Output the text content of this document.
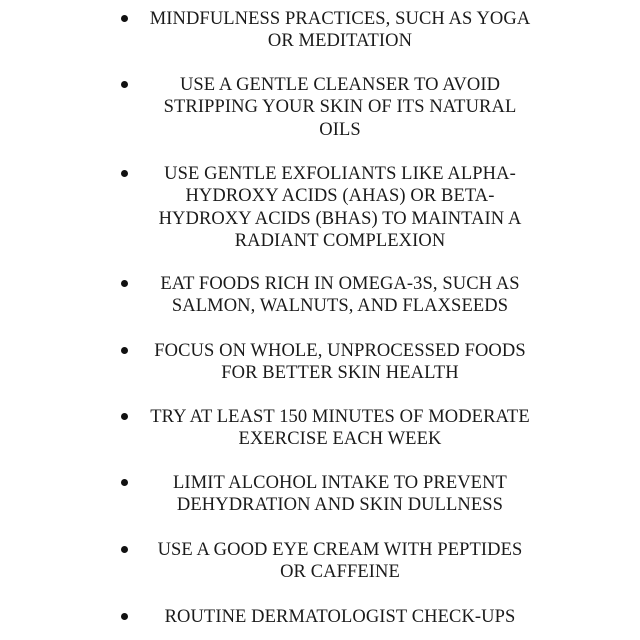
MINDFULNESS PRACTICES, SUCH AS YOGA OR MEDITATION
USE A GENTLE CLEANSER TO AVOID STRIPPING YOUR SKIN OF ITS NATURAL OILS
USE GENTLE EXFOLIANTS LIKE ALPHA-HYDROXY ACIDS (AHAS) OR BETA-HYDROXY ACIDS (BHAS) TO MAINTAIN A RADIANT COMPLEXION
EAT FOODS RICH IN OMEGA-3S, SUCH AS SALMON, WALNUTS, AND FLAXSEEDS
FOCUS ON WHOLE, UNPROCESSED FOODS FOR BETTER SKIN HEALTH
TRY AT LEAST 150 MINUTES OF MODERATE EXERCISE EACH WEEK
LIMIT ALCOHOL INTAKE TO PREVENT DEHYDRATION AND SKIN DULLNESS
USE A GOOD EYE CREAM WITH PEPTIDES OR CAFFEINE
ROUTINE DERMATOLOGIST CHECK-UPS
